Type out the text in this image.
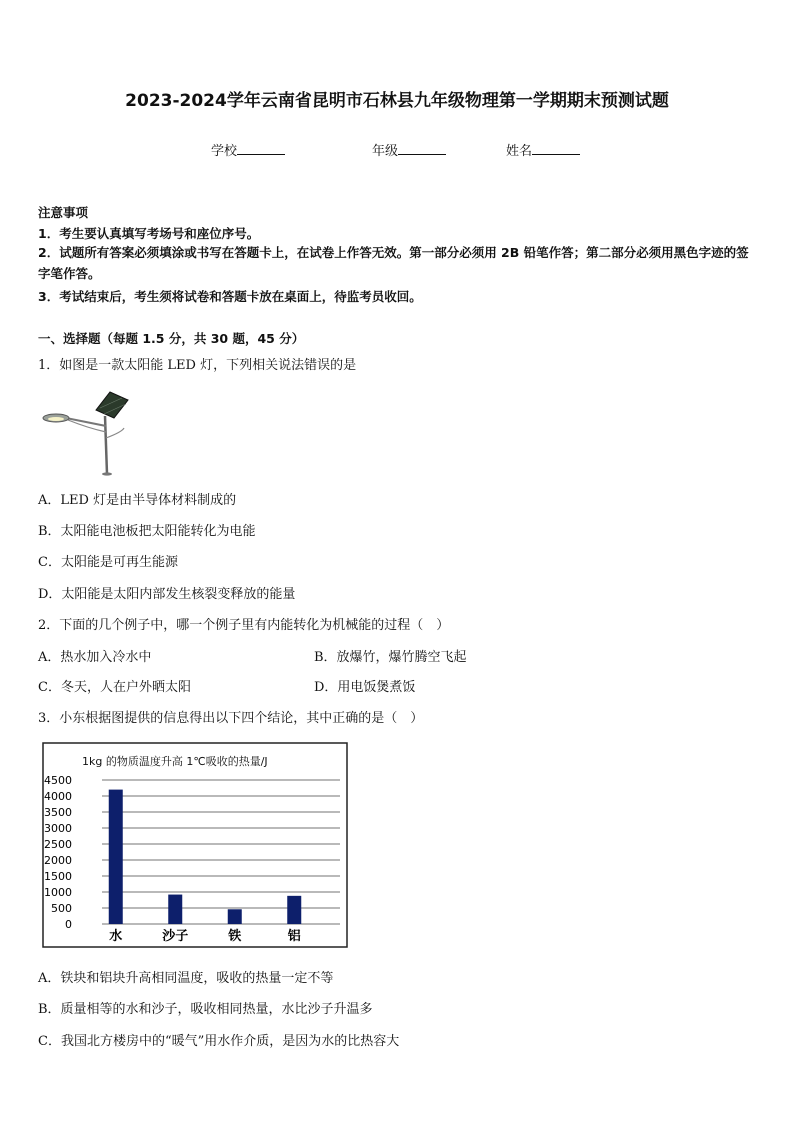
2023-2024学年云南省昆明市石林县九年级物理第一学期期末预测试题
学校	年级	姓名
注意事项
1．考生要认真填写考场号和座位序号。
2．试题所有答案必须填涂或书写在答题卡上，在试卷上作答无效。第一部分必须用 2B 铅笔作答；第二部分必须用黑色字迹的签字笔作答。
3．考试结束后，考生须将试卷和答题卡放在桌面上，待监考员收回。
一、选择题（每题 1.5 分，共 30 题，45 分）
1．如图是一款太阳能 LED 灯，下列相关说法错误的是
A．LED 灯是由半导体材料制成的
B．太阳能电池板把太阳能转化为电能
C．太阳能是可再生能源
D．太阳能是太阳内部发生核裂变释放的能量
2．下面的几个例子中，哪一个例子里有内能转化为机械能的过程（　）
A．热水加入冷水中	B．放爆竹，爆竹腾空飞起
C．冬天，人在户外晒太阳	D．用电饭煲煮饭
3．小东根据图提供的信息得出以下四个结论，其中正确的是（　）
1kg 的物质温度升高 1℃吸收的热量/J
4500
4000
3500
3000
2500
2000
1500
1000
500
0
水	沙子	铁	铝
A．铁块和铝块升高相同温度，吸收的热量一定不等
B．质量相等的水和沙子，吸收相同热量，水比沙子升温多
C．我国北方楼房中的“暖气”用水作介质，是因为水的比热容大
